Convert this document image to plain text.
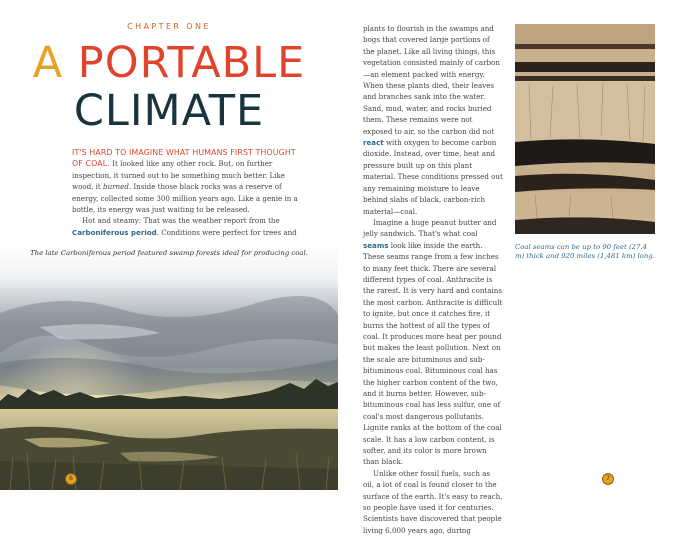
CHAPTER ONE
A PORTABLE
CLIMATE

IT'S HARD TO IMAGINE WHAT HUMANS FIRST THOUGHT OF COAL. It looked like any other rock. But, on further inspection, it turned out to be something much better. Like wood, it burned. Inside those black rocks was a reserve of energy, collected some 300 million years ago. Like a genie in a bottle, its energy was just waiting to be released.

Hot and steamy: That was the weather report from the Carboniferous period. Conditions were perfect for trees and

The late Carboniferous period featured swamp forests ideal for producing coal.
6

plants to flourish in the swamps and bogs that covered large portions of the planet. Like all living things, this vegetation consisted mainly of carbon—an element packed with energy. When these plants died, their leaves and branches sank into the water. Sand, mud, water, and rocks buried them. These remains were not exposed to air, so the carbon did not react with oxygen to become carbon dioxide. Instead, over time, heat and pressure built up on this plant material. These conditions pressed out any remaining moisture to leave behind slabs of black, carbon-rich material—coal.

Imagine a huge peanut butter and jelly sandwich. That's what coal seams look like inside the earth. These seams range from a few inches to many feet thick. There are several different types of coal. Anthracite is the rarest. It is very hard and contains the most carbon. Anthracite is difficult to ignite, but once it catches fire, it burns the hottest of all the types of coal. It produces more heat per pound but makes the least pollution. Next on the scale are bituminous and sub-bituminous coal. Bituminous coal has the higher carbon content of the two, and it burns better. However, sub-bituminous coal has less sulfur, one of coal's most dangerous pollutants. Lignite ranks at the bottom of the coal scale. It has a low carbon content, is softer, and its color is more brown than black.

Unlike other fossil fuels, such as oil, a lot of coal is found closer to the surface of the earth. It's easy to reach, so people have used it for centuries. Scientists have discovered that people living 6,000 years ago, during

Coal seams can be up to 90 feet (27.4 m) thick and 920 miles (1,481 km) long.
7
